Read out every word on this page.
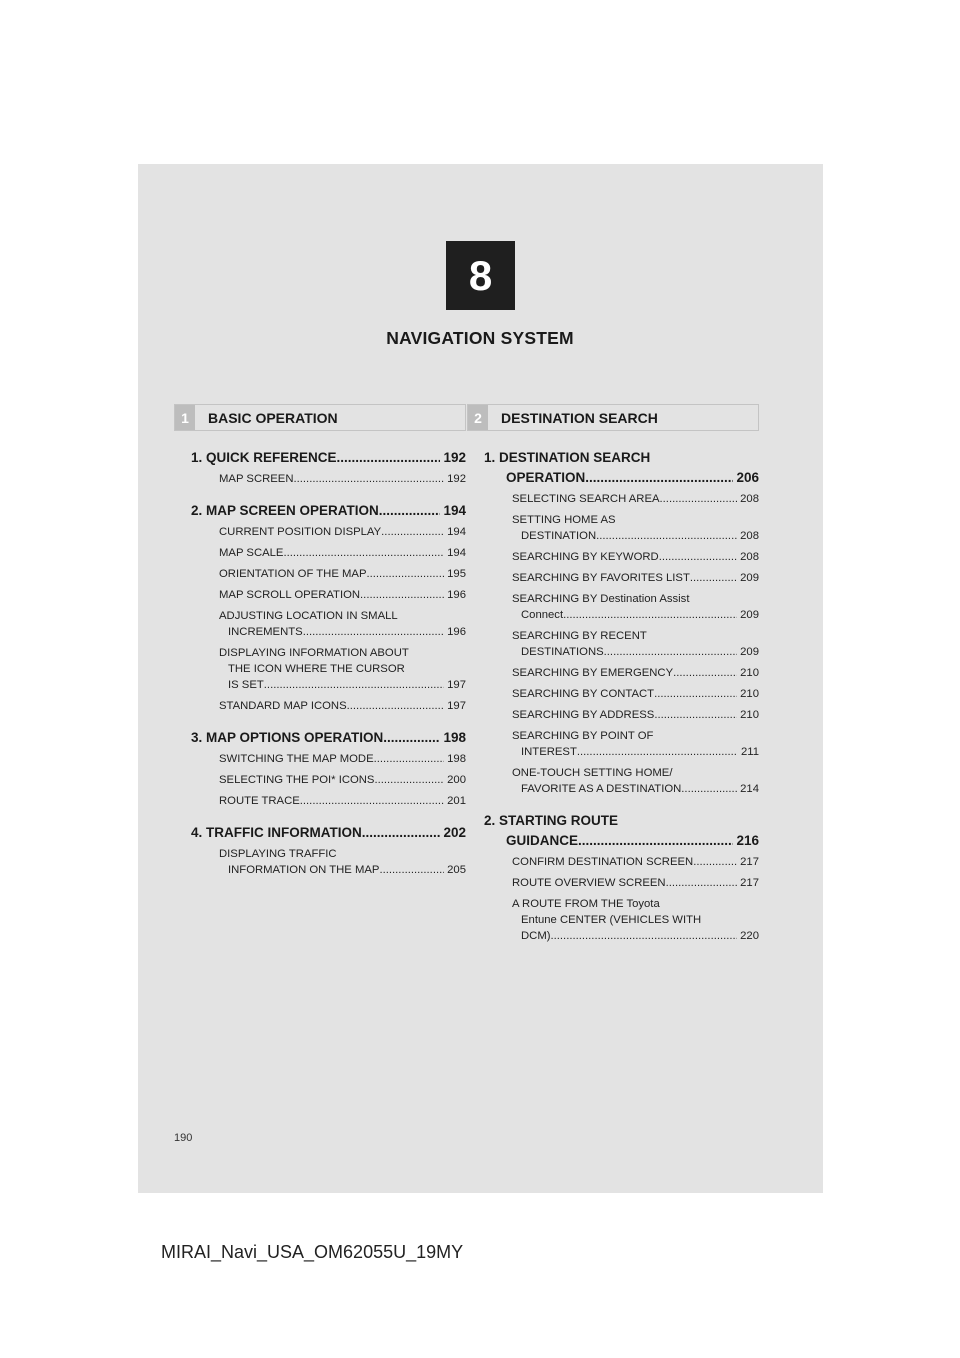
8
NAVIGATION SYSTEM
1	BASIC OPERATION
1. QUICK REFERENCE .....	192
MAP SCREEN .....	192
2. MAP SCREEN OPERATION .....	194
CURRENT POSITION DISPLAY .....	194
MAP SCALE .....	194
ORIENTATION OF THE MAP .....	195
MAP SCROLL OPERATION .....	196
ADJUSTING LOCATION IN SMALL
INCREMENTS .....	196
DISPLAYING INFORMATION ABOUT
THE ICON WHERE THE CURSOR
IS SET .....	197
STANDARD MAP ICONS .....	197
3. MAP OPTIONS OPERATION .....	198
SWITCHING THE MAP MODE .....	198
SELECTING THE POI* ICONS .....	200
ROUTE TRACE .....	201
4. TRAFFIC INFORMATION .....	202
DISPLAYING TRAFFIC
INFORMATION ON THE MAP .....	205
2	DESTINATION SEARCH
1. DESTINATION SEARCH
OPERATION .....	206
SELECTING SEARCH AREA .....	208
SETTING HOME AS
DESTINATION .....	208
SEARCHING BY KEYWORD .....	208
SEARCHING BY FAVORITES LIST .....	209
SEARCHING BY Destination Assist
Connect .....	209
SEARCHING BY RECENT
DESTINATIONS .....	209
SEARCHING BY EMERGENCY .....	210
SEARCHING BY CONTACT .....	210
SEARCHING BY ADDRESS .....	210
SEARCHING BY POINT OF
INTEREST .....	211
ONE-TOUCH SETTING HOME/
FAVORITE AS A DESTINATION .....	214
2. STARTING ROUTE
GUIDANCE .....	216
CONFIRM DESTINATION SCREEN .....	217
ROUTE OVERVIEW SCREEN .....	217
A ROUTE FROM THE Toyota
Entune CENTER (VEHICLES WITH
DCM) .....	220
190
MIRAI_Navi_USA_OM62055U_19MY
